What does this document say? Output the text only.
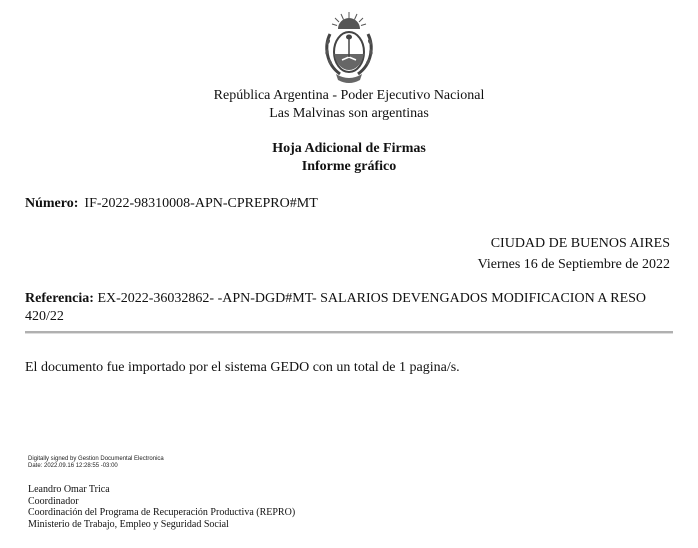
República Argentina - Poder Ejecutivo Nacional
Las Malvinas son argentinas
Hoja Adicional de Firmas
Informe gráfico
Número: IF-2022-98310008-APN-CPREPRO#MT
CIUDAD DE BUENOS AIRES
Viernes 16 de Septiembre de 2022
Referencia: EX-2022-36032862- -APN-DGD#MT- SALARIOS DEVENGADOS MODIFICACION A RESO 420/22
El documento fue importado por el sistema GEDO con un total de 1 pagina/s.
Digitally signed by Gestion Documental Electronica
Date: 2022.09.16 12:28:55 -03:00
Leandro Omar Trica
Coordinador
Coordinación del Programa de Recuperación Productiva (REPRO)
Ministerio de Trabajo, Empleo y Seguridad Social
